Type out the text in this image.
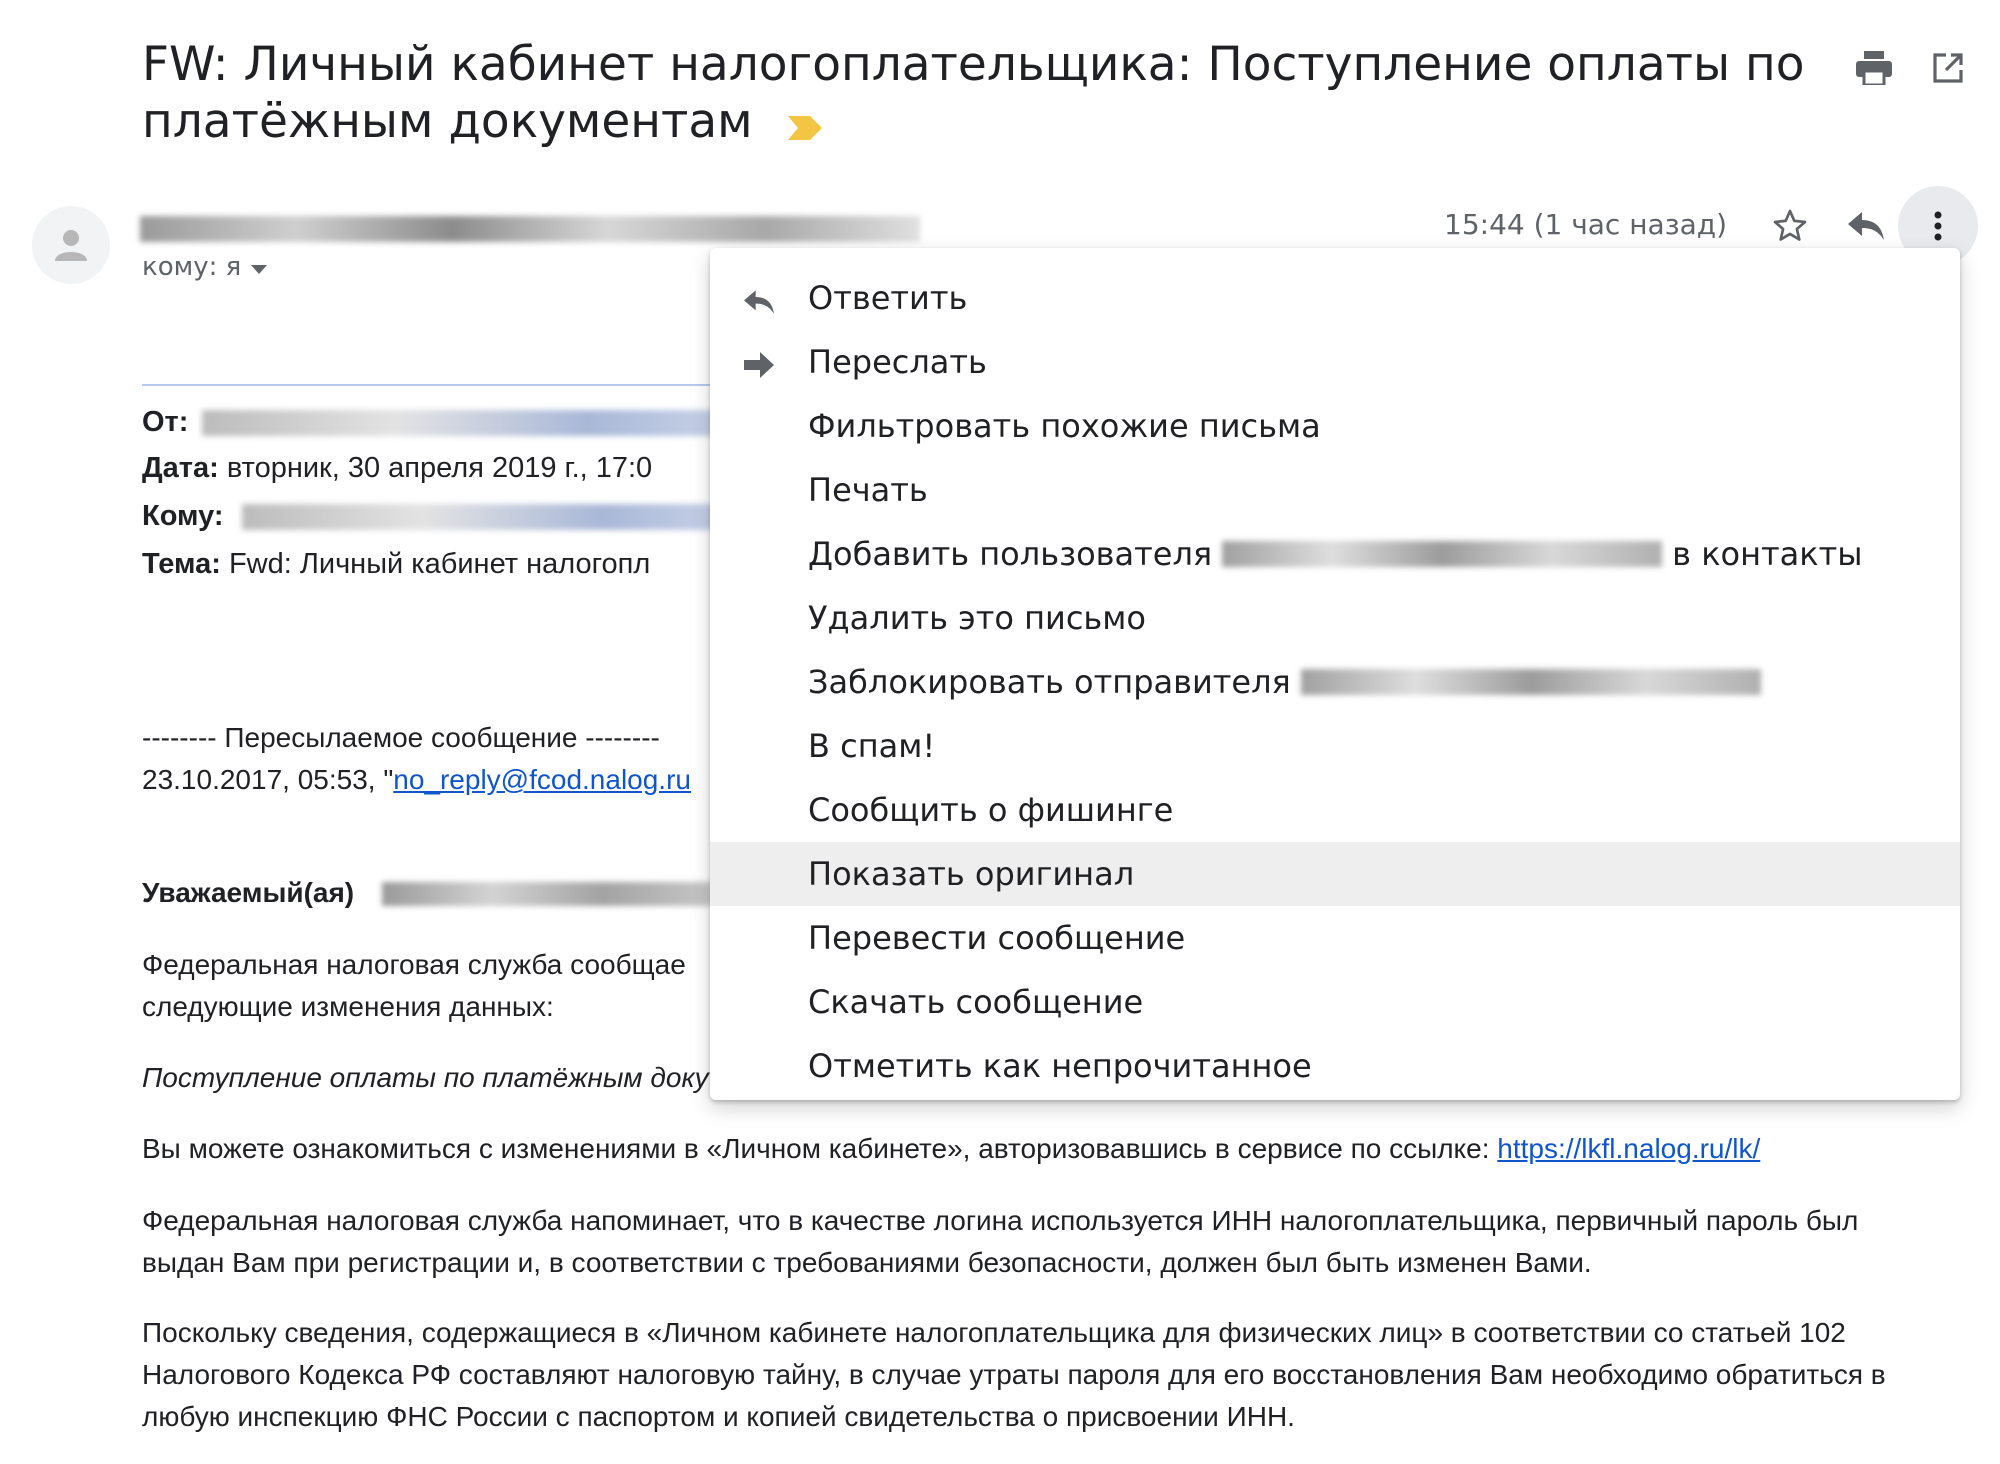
FW: Личный кабинет налогоплательщика: Поступление оплаты по платёжным документам
кому: я
15:44 (1 час назад)
От:
Дата: вторник, 30 апреля 2019 г., 17:0
Кому:
Тема: Fwd: Личный кабинет налогопл
-------- Пересылаемое сообщение --------
23.10.2017, 05:53, "no_reply@fcod.nalog.ru
Уважаемый(ая)
Федеральная налоговая служба сообщае
следующие изменения данных:
Поступление оплаты по платёжным доку
Вы можете ознакомиться с изменениями в «Личном кабинете», авторизовавшись в сервисе по ссылке: https://lkfl.nalog.ru/lk/
Федеральная налоговая служба напоминает, что в качестве логина используется ИНН налогоплательщика, первичный пароль был выдан Вам при регистрации и, в соответствии с требованиями безопасности, должен был быть изменен Вами.
Поскольку сведения, содержащиеся в «Личном кабинете налогоплательщика для физических лиц» в соответствии со статьей 102 Налогового Кодекса РФ составляют налоговую тайну, в случае утраты пароля для его восстановления Вам необходимо обратиться в любую инспекцию ФНС России с паспортом и копией свидетельства о присвоении ИНН.
Ответить
Переслать
Фильтровать похожие письма
Печать
Добавить пользователя	в контакты
Удалить это письмо
Заблокировать отправителя
В спам!
Сообщить о фишинге
Показать оригинал
Перевести сообщение
Скачать сообщение
Отметить как непрочитанное
